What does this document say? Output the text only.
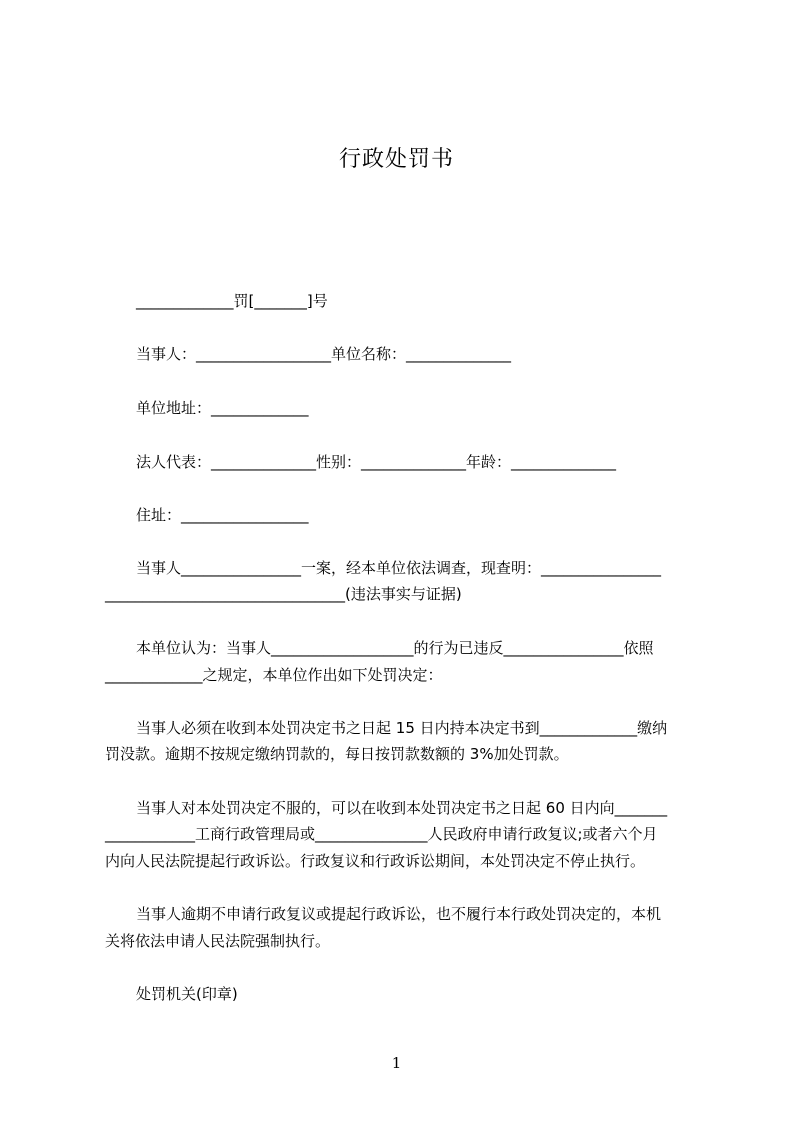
行政处罚书
_____________罚[_______]号
当事人：__________________单位名称：______________
单位地址：_____________
法人代表：______________性别：______________年龄：______________
住址：_________________
当事人________________一案，经本单位依法调查，现查明：________________
________________________________(违法事实与证据)
本单位认为：当事人___________________的行为已违反________________依照
_____________之规定，本单位作出如下处罚决定：
当事人必须在收到本处罚决定书之日起 15 日内持本决定书到_____________缴纳
罚没款。逾期不按规定缴纳罚款的，每日按罚款数额的 3%加处罚款。
当事人对本处罚决定不服的，可以在收到本处罚决定书之日起 60 日内向_______
____________工商行政管理局或_______________人民政府申请行政复议;或者六个月
内向人民法院提起行政诉讼。行政复议和行政诉讼期间，本处罚决定不停止执行。
当事人逾期不申请行政复议或提起行政诉讼，也不履行本行政处罚决定的，本机
关将依法申请人民法院强制执行。
处罚机关(印章)
1
